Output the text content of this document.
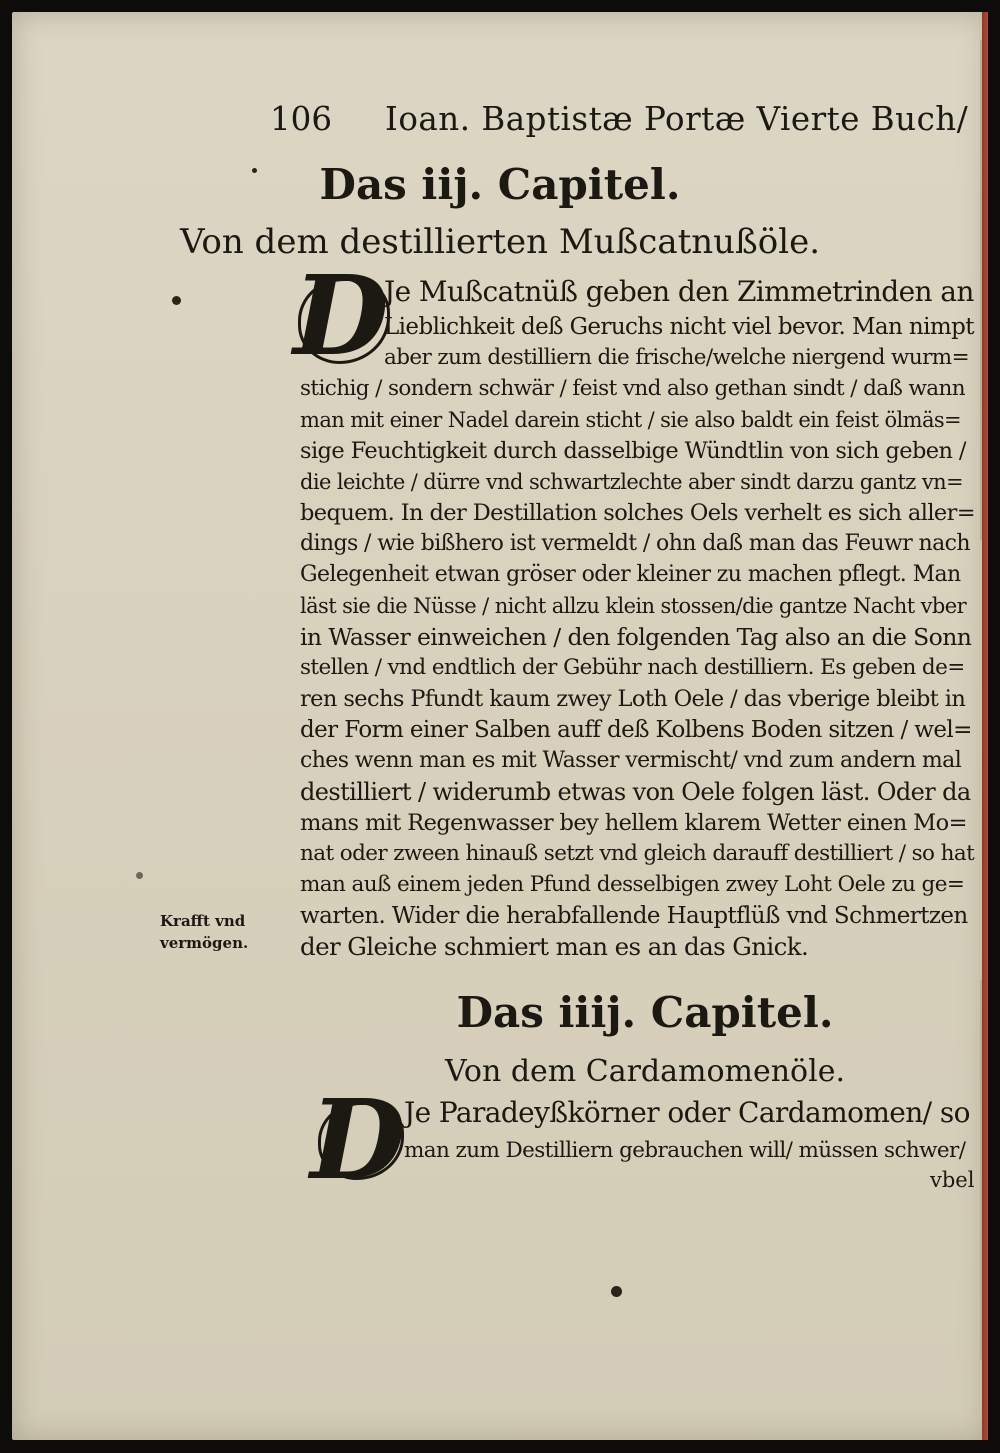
106 Ioan. Baptistæ Portæ Vierte Buch/
Das iij. Capitel.
Von dem destillierten Mußcatnußöle.
D
Je Mußcatnüß geben den Zimmetrinden an
Lieblichkeit deß Geruchs nicht viel bevor. Man nimpt
aber zum destilliern die frische/welche niergend wurm=
stichig / sondern schwär / feist vnd also gethan sindt / daß wann
man mit einer Nadel darein sticht / sie also baldt ein feist ölmäs=
sige Feuchtigkeit durch dasselbige Wündtlin von sich geben /
die leichte / dürre vnd schwartzlechte aber sindt darzu gantz vn=
bequem. In der Destillation solches Oels verhelt es sich aller=
dings / wie bißhero ist vermeldt / ohn daß man das Feuwr nach
Gelegenheit etwan gröser oder kleiner zu machen pflegt. Man
läst sie die Nüsse / nicht allzu klein stossen/die gantze Nacht vber
in Wasser einweichen / den folgenden Tag also an die Sonn
stellen / vnd endtlich der Gebühr nach destilliern. Es geben de=
ren sechs Pfundt kaum zwey Loth Oele / das vberige bleibt in
der Form einer Salben auff deß Kolbens Boden sitzen / wel=
ches wenn man es mit Wasser vermischt/ vnd zum andern mal
destilliert / widerumb etwas von Oele folgen läst. Oder da
mans mit Regenwasser bey hellem klarem Wetter einen Mo=
nat oder zween hinauß setzt vnd gleich darauff destilliert / so hat
man auß einem jeden Pfund desselbigen zwey Loht Oele zu ge=
warten. Wider die herabfallende Hauptflüß vnd Schmertzen
der Gleiche schmiert man es an das Gnick.
Krafft vnd
vermögen.
Das iiij. Capitel.
Von dem Cardamomenöle.
D
Je Paradeyßkörner oder Cardamomen/ so
man zum Destilliern gebrauchen will/ müssen schwer/
vbel
